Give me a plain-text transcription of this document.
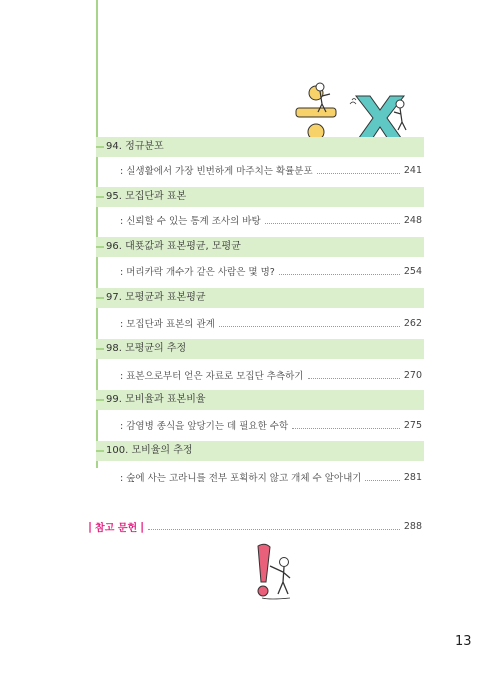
94. 정규분포
: 실생활에서 가장 빈번하게 마주치는 확률분포	241
95. 모집단과 표본
: 신뢰할 수 있는 통계 조사의 바탕	248
96. 대푯값과 표본평균, 모평균
: 머리카락 개수가 같은 사람은 몇 명?	254
97. 모평균과 표본평균
: 모집단과 표본의 관계	262
98. 모평균의 추정
: 표본으로부터 얻은 자료로 모집단 추측하기	270
99. 모비율과 표본비율
: 감염병 종식을 앞당기는 데 필요한 수학	275
100. 모비율의 추정
: 숲에 사는 고라니를 전부 포획하지 않고 개체 수 알아내기	281
| 참고 문헌 |	288
13
